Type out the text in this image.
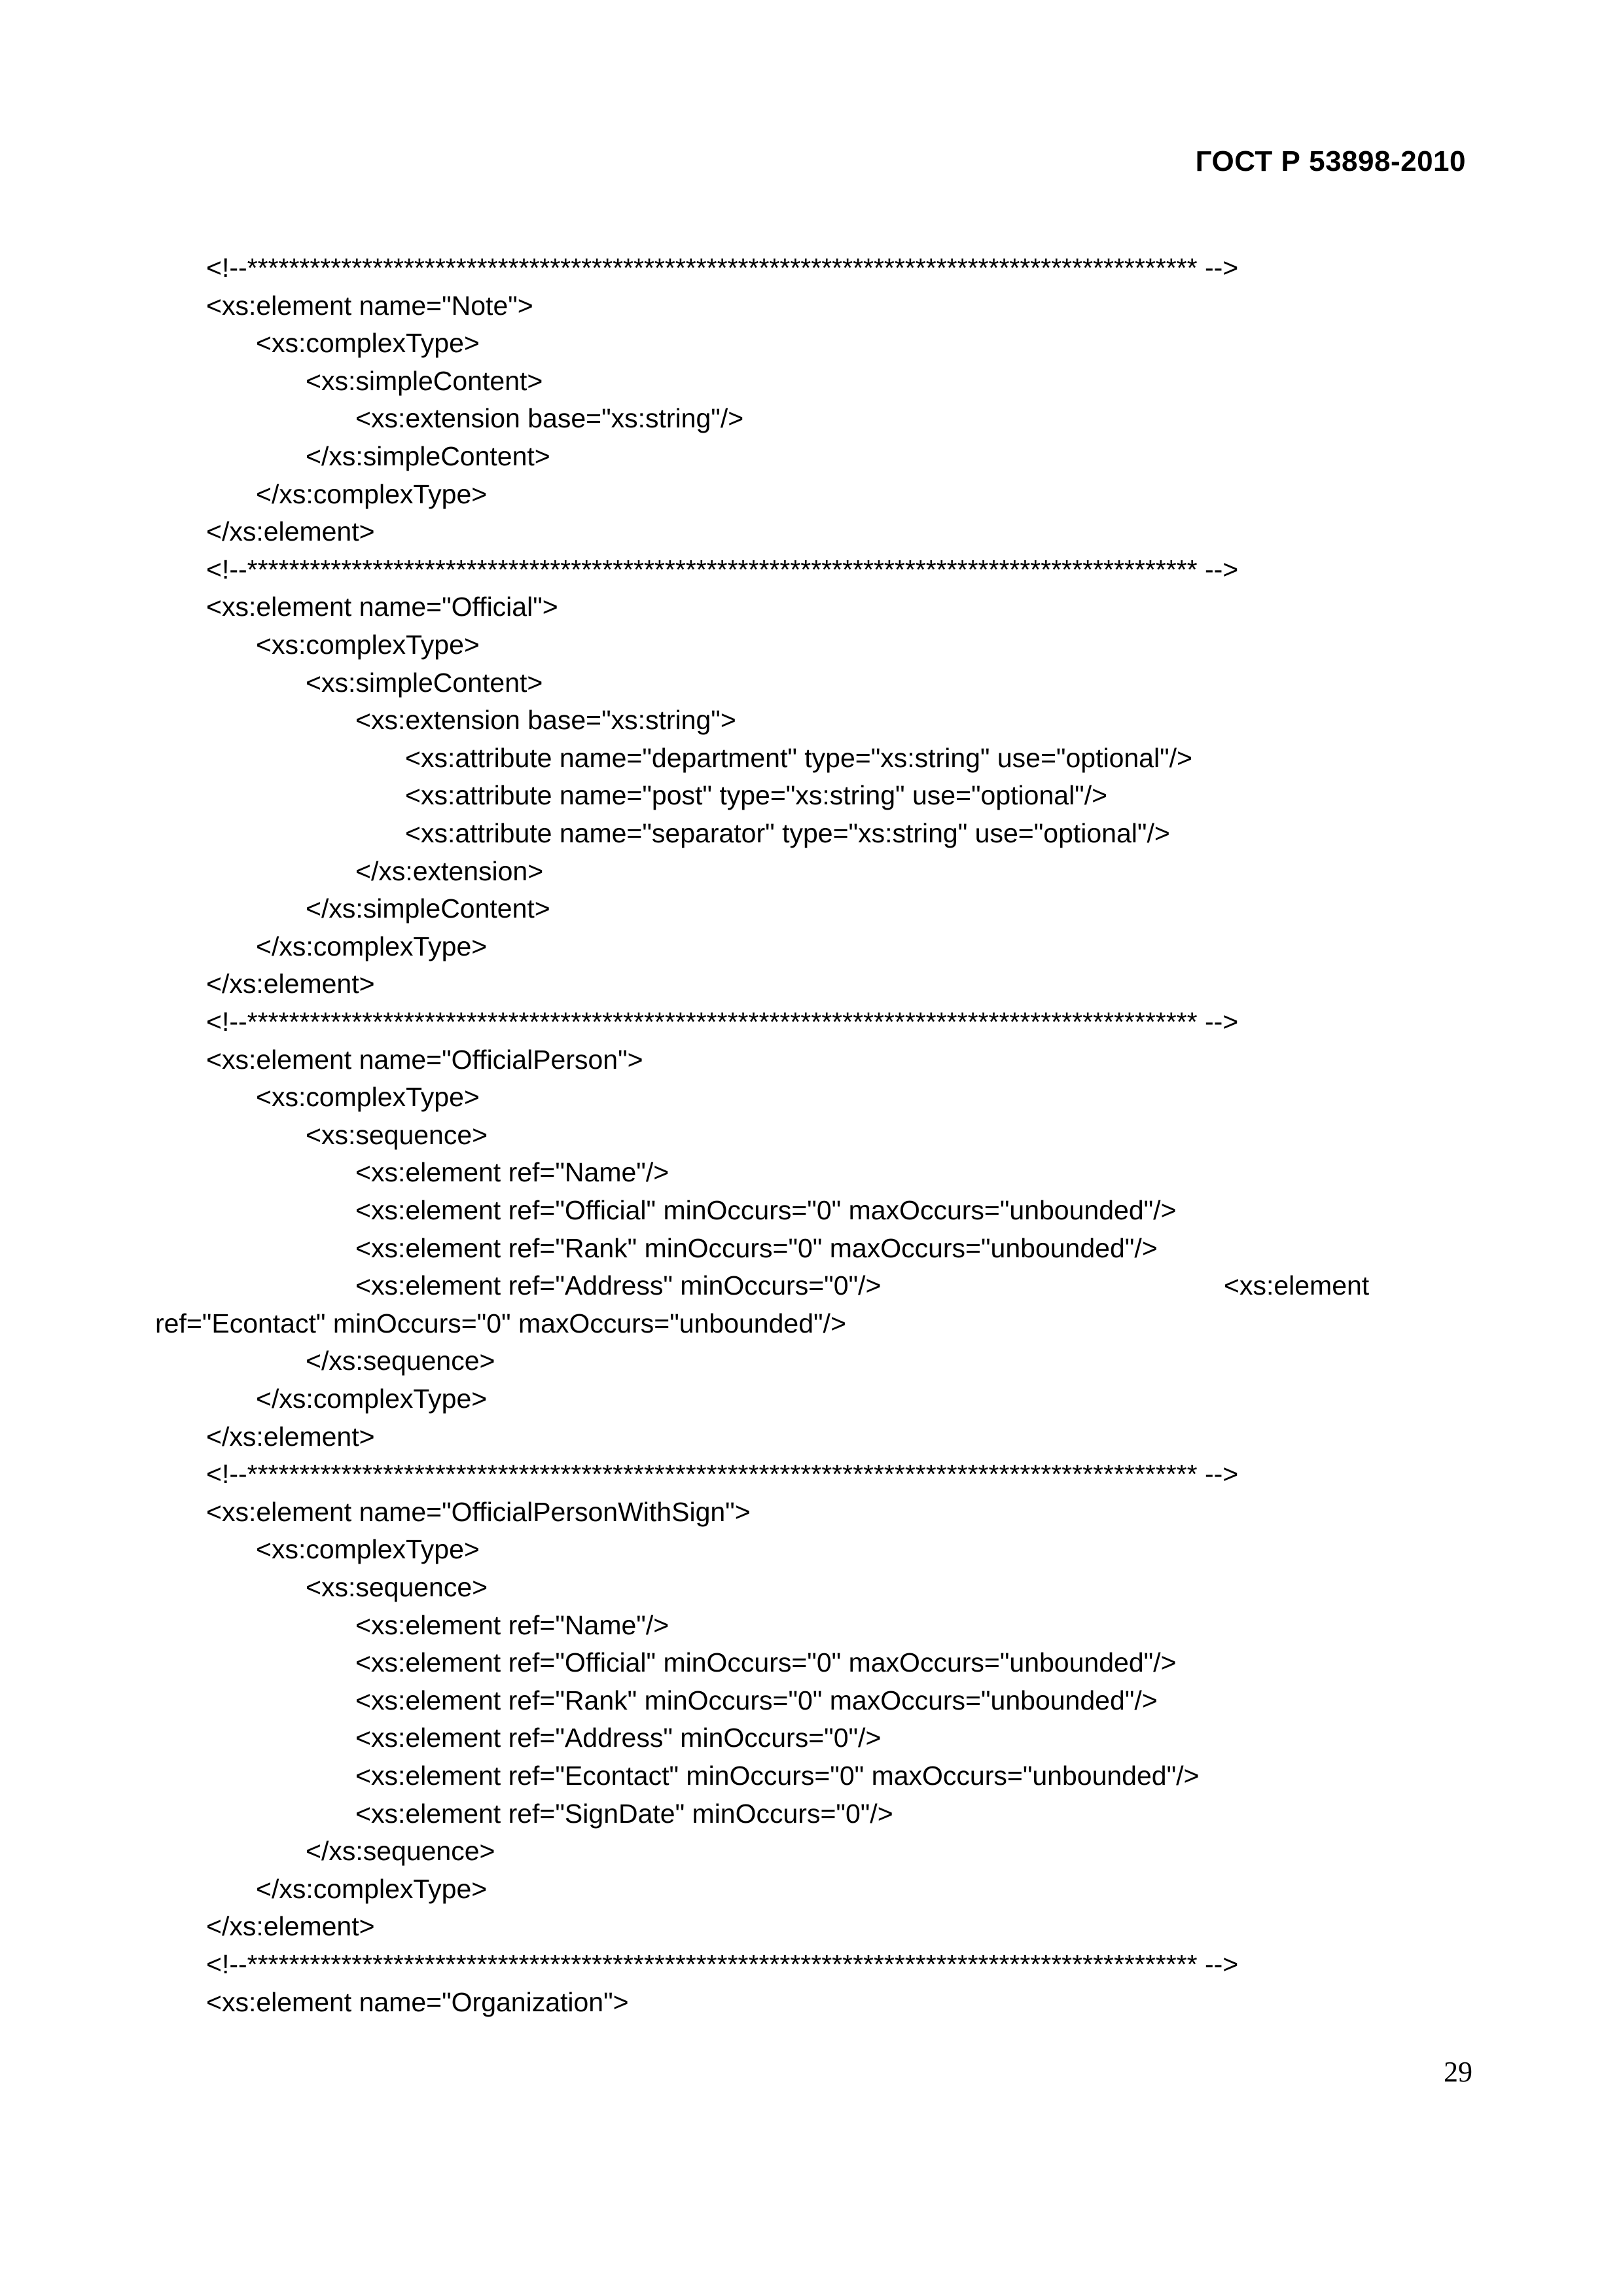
ГОСТ Р 53898-2010
<!--******************************************************************************************* -->
<xs:element name="Note">
<xs:complexType>
<xs:simpleContent>
<xs:extension base="xs:string"/>
</xs:simpleContent>
</xs:complexType>
</xs:element>
<!--******************************************************************************************* -->
<xs:element name="Official">
<xs:complexType>
<xs:simpleContent>
<xs:extension base="xs:string">
<xs:attribute name="department" type="xs:string" use="optional"/>
<xs:attribute name="post" type="xs:string" use="optional"/>
<xs:attribute name="separator" type="xs:string" use="optional"/>
</xs:extension>
</xs:simpleContent>
</xs:complexType>
</xs:element>
<!--******************************************************************************************* -->
<xs:element name="OfficialPerson">
<xs:complexType>
<xs:sequence>
<xs:element ref="Name"/>
<xs:element ref="Official" minOccurs="0" maxOccurs="unbounded"/>
<xs:element ref="Rank" minOccurs="0" maxOccurs="unbounded"/>
<xs:element ref="Address" minOccurs="0"/>	<xs:element
ref="Econtact" minOccurs="0" maxOccurs="unbounded"/>
</xs:sequence>
</xs:complexType>
</xs:element>
<!--******************************************************************************************* -->
<xs:element name="OfficialPersonWithSign">
<xs:complexType>
<xs:sequence>
<xs:element ref="Name"/>
<xs:element ref="Official" minOccurs="0" maxOccurs="unbounded"/>
<xs:element ref="Rank" minOccurs="0" maxOccurs="unbounded"/>
<xs:element ref="Address" minOccurs="0"/>
<xs:element ref="Econtact" minOccurs="0" maxOccurs="unbounded"/>
<xs:element ref="SignDate" minOccurs="0"/>
</xs:sequence>
</xs:complexType>
</xs:element>
<!--******************************************************************************************* -->
<xs:element name="Organization">
29
